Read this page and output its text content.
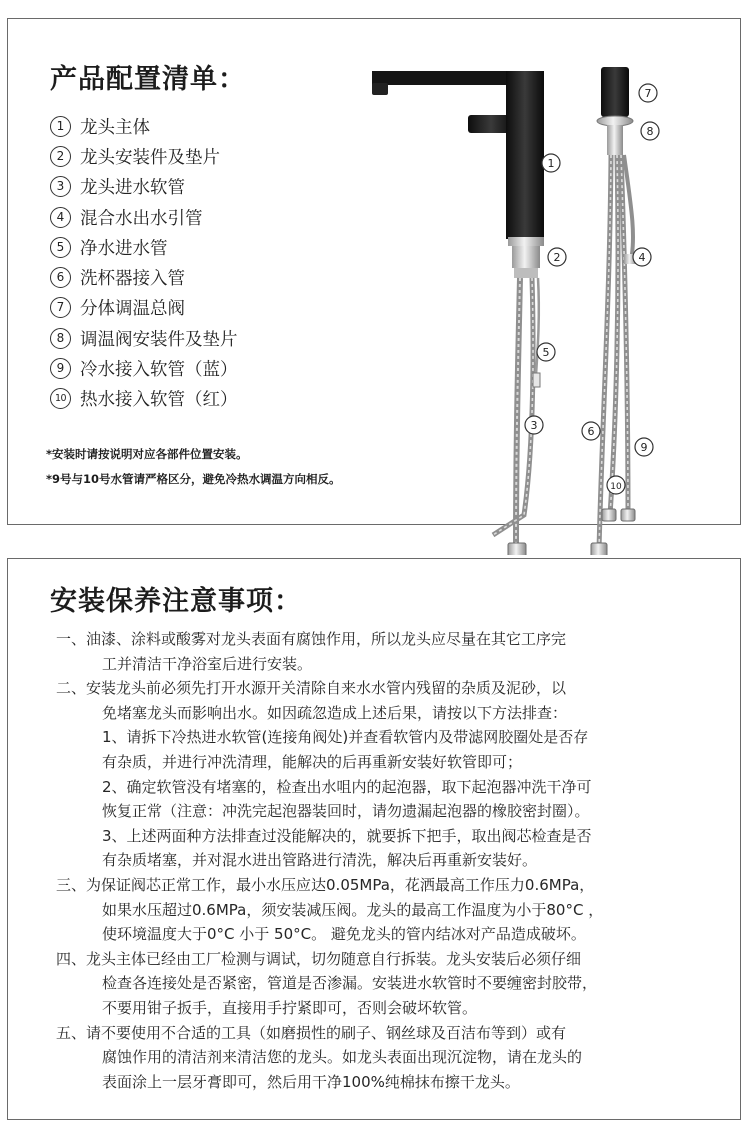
产品配置清单：
1 龙头主体
2 龙头安装件及垫片
3 龙头进水软管
4 混合水出水引管
5 净水进水管
6 洗杯器接入管
7 分体调温总阀
8 调温阀安装件及垫片
9 冷水接入软管（蓝）
10 热水接入软管（红）
*安装时请按说明对应各部件位置安装。
*9号与10号水管请严格区分，避免冷热水调温方向相反。
1
2
3
4
5
6
7
8
9
10
安装保养注意事项：
一、油漆、涂料或酸雾对龙头表面有腐蚀作用，所以龙头应尽量在其它工序完
工并清洁干净浴室后进行安装。
二、安装龙头前必须先打开水源开关清除自来水水管内残留的杂质及泥砂，以
免堵塞龙头而影响出水。如因疏忽造成上述后果，请按以下方法排查：
1、请拆下冷热进水软管(连接角阀处)并查看软管内及带滤网胶圈处是否存
有杂质，并进行冲洗清理，能解决的后再重新安装好软管即可；
2、确定软管没有堵塞的，检查出水咀内的起泡器，取下起泡器冲洗干净可
恢复正常（注意：冲洗完起泡器装回时，请勿遗漏起泡器的橡胶密封圈）。
3、上述两面种方法排查过没能解决的，就要拆下把手，取出阀芯检查是否
有杂质堵塞，并对混水进出管路进行清洗，解决后再重新安装好。
三、为保证阀芯正常工作，最小水压应达0.05MPa，花洒最高工作压力0.6MPa，
如果水压超过0.6MPa，须安装减压阀。龙头的最高工作温度为小于80°C ，
使环境温度大于0°C 小于 50°C。 避免龙头的管内结冰对产品造成破坏。
四、龙头主体已经由工厂检测与调试，切勿随意自行拆装。龙头安装后必须仔细
检查各连接处是否紧密，管道是否渗漏。安装进水软管时不要缠密封胶带，
不要用钳子扳手，直接用手拧紧即可，否则会破坏软管。
五、请不要使用不合适的工具（如磨损性的刷子、钢丝球及百洁布等到）或有
腐蚀作用的清洁剂来清洁您的龙头。如龙头表面出现沉淀物，请在龙头的
表面涂上一层牙膏即可，然后用干净100%纯棉抹布擦干龙头。
